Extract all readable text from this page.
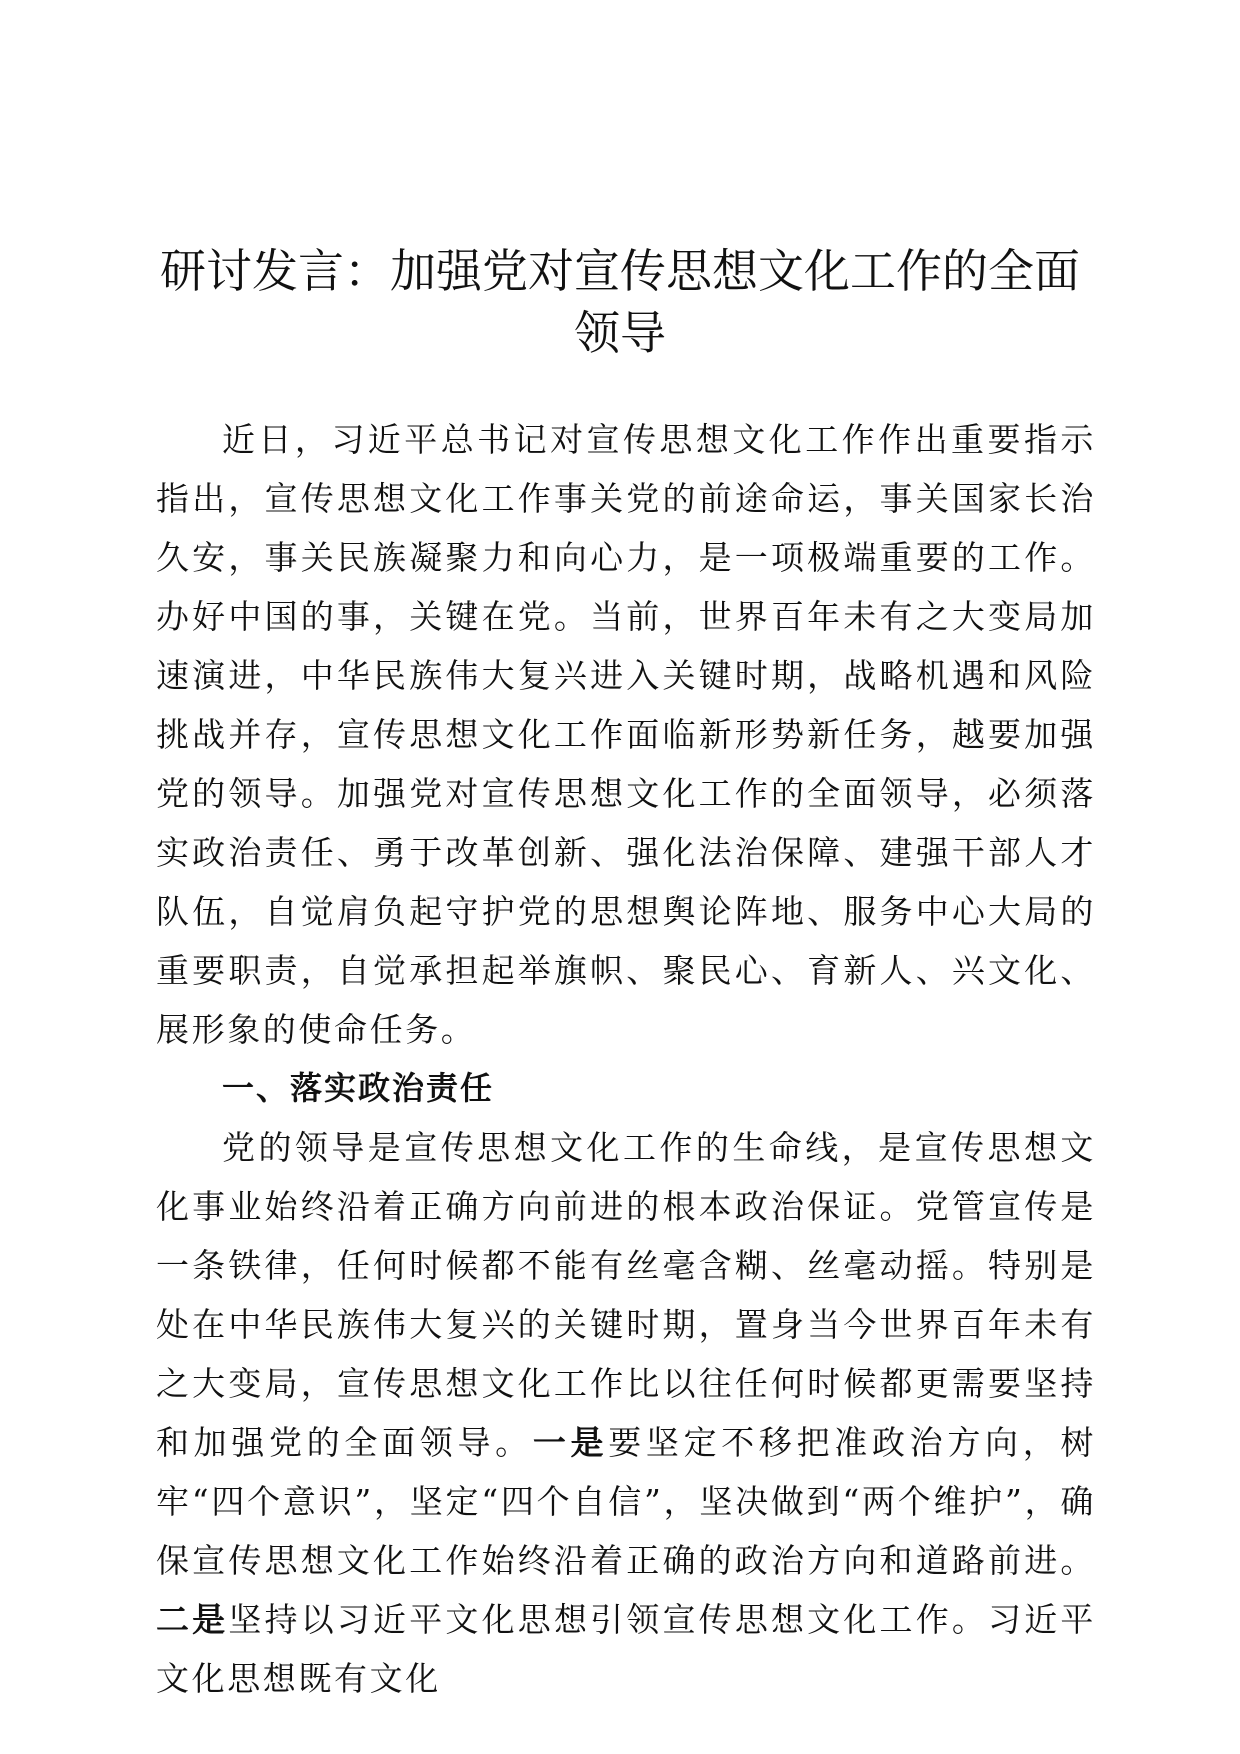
研讨发言：加强党对宣传思想文化工作的全面领导

近日，习近平总书记对宣传思想文化工作作出重要指示指出，宣传思想文化工作事关党的前途命运，事关国家长治久安，事关民族凝聚力和向心力，是一项极端重要的工作。办好中国的事，关键在党。当前，世界百年未有之大变局加速演进，中华民族伟大复兴进入关键时期，战略机遇和风险挑战并存，宣传思想文化工作面临新形势新任务，越要加强党的领导。加强党对宣传思想文化工作的全面领导，必须落实政治责任、勇于改革创新、强化法治保障、建强干部人才队伍，自觉肩负起守护党的思想舆论阵地、服务中心大局的重要职责，自觉承担起举旗帜、聚民心、育新人、兴文化、展形象的使命任务。

一、落实政治责任

党的领导是宣传思想文化工作的生命线，是宣传思想文化事业始终沿着正确方向前进的根本政治保证。党管宣传是一条铁律，任何时候都不能有丝毫含糊、丝毫动摇。特别是处在中华民族伟大复兴的关键时期，置身当今世界百年未有之大变局，宣传思想文化工作比以往任何时候都更需要坚持和加强党的全面领导。一是要坚定不移把准政治方向，树牢“四个意识”，坚定“四个自信”，坚决做到“两个维护”，确保宣传思想文化工作始终沿着正确的政治方向和道路前进。二是坚持以习近平文化思想引领宣传思想文化工作。习近平文化思想既有文化
